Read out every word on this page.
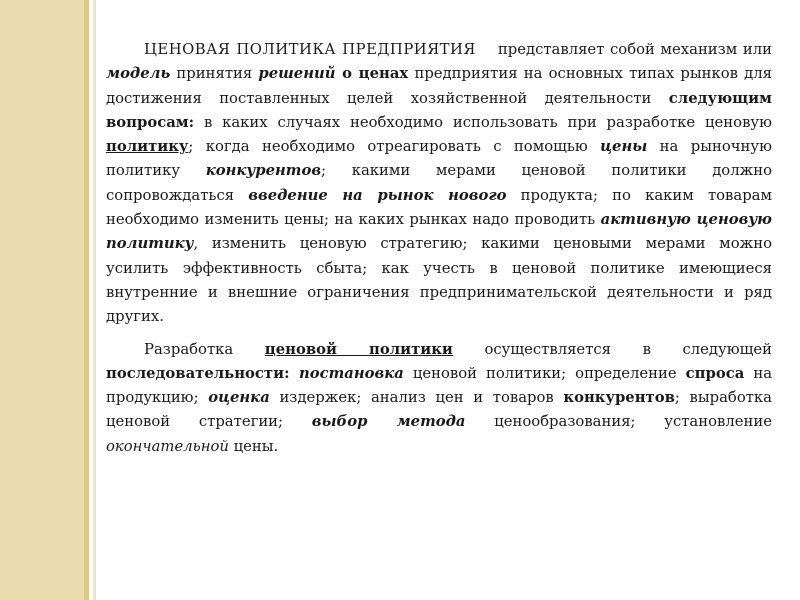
ЦЕНОВАЯ ПОЛИТИКА ПРЕДПРИЯТИЯ представляет собой механизм или модель принятия решений о ценах предприятия на основных типах рынков для достижения поставленных целей хозяйственной деятельности следующим вопросам: в каких случаях необходимо использовать при разработке ценовую политику; когда необходимо отреагировать с помощью цены на рыночную политику конкурентов; какими мерами ценовой политики должно сопровождаться введение на рынок нового продукта; по каким товарам необходимо изменить цены; на каких рынках надо проводить активную ценовую политику, изменить ценовую стратегию; какими ценовыми мерами можно усилить эффективность сбыта; как учесть в ценовой политике имеющиеся внутренние и внешние ограничения предпринимательской деятельности и ряд других.

Разработка ценовой политики осуществляется в следующей последовательности: постановка ценовой политики; определение спроса на продукцию; оценка издержек; анализ цен и товаров конкурентов; выработка ценовой стратегии; выбор метода ценообразования; установление окончательной цены.
